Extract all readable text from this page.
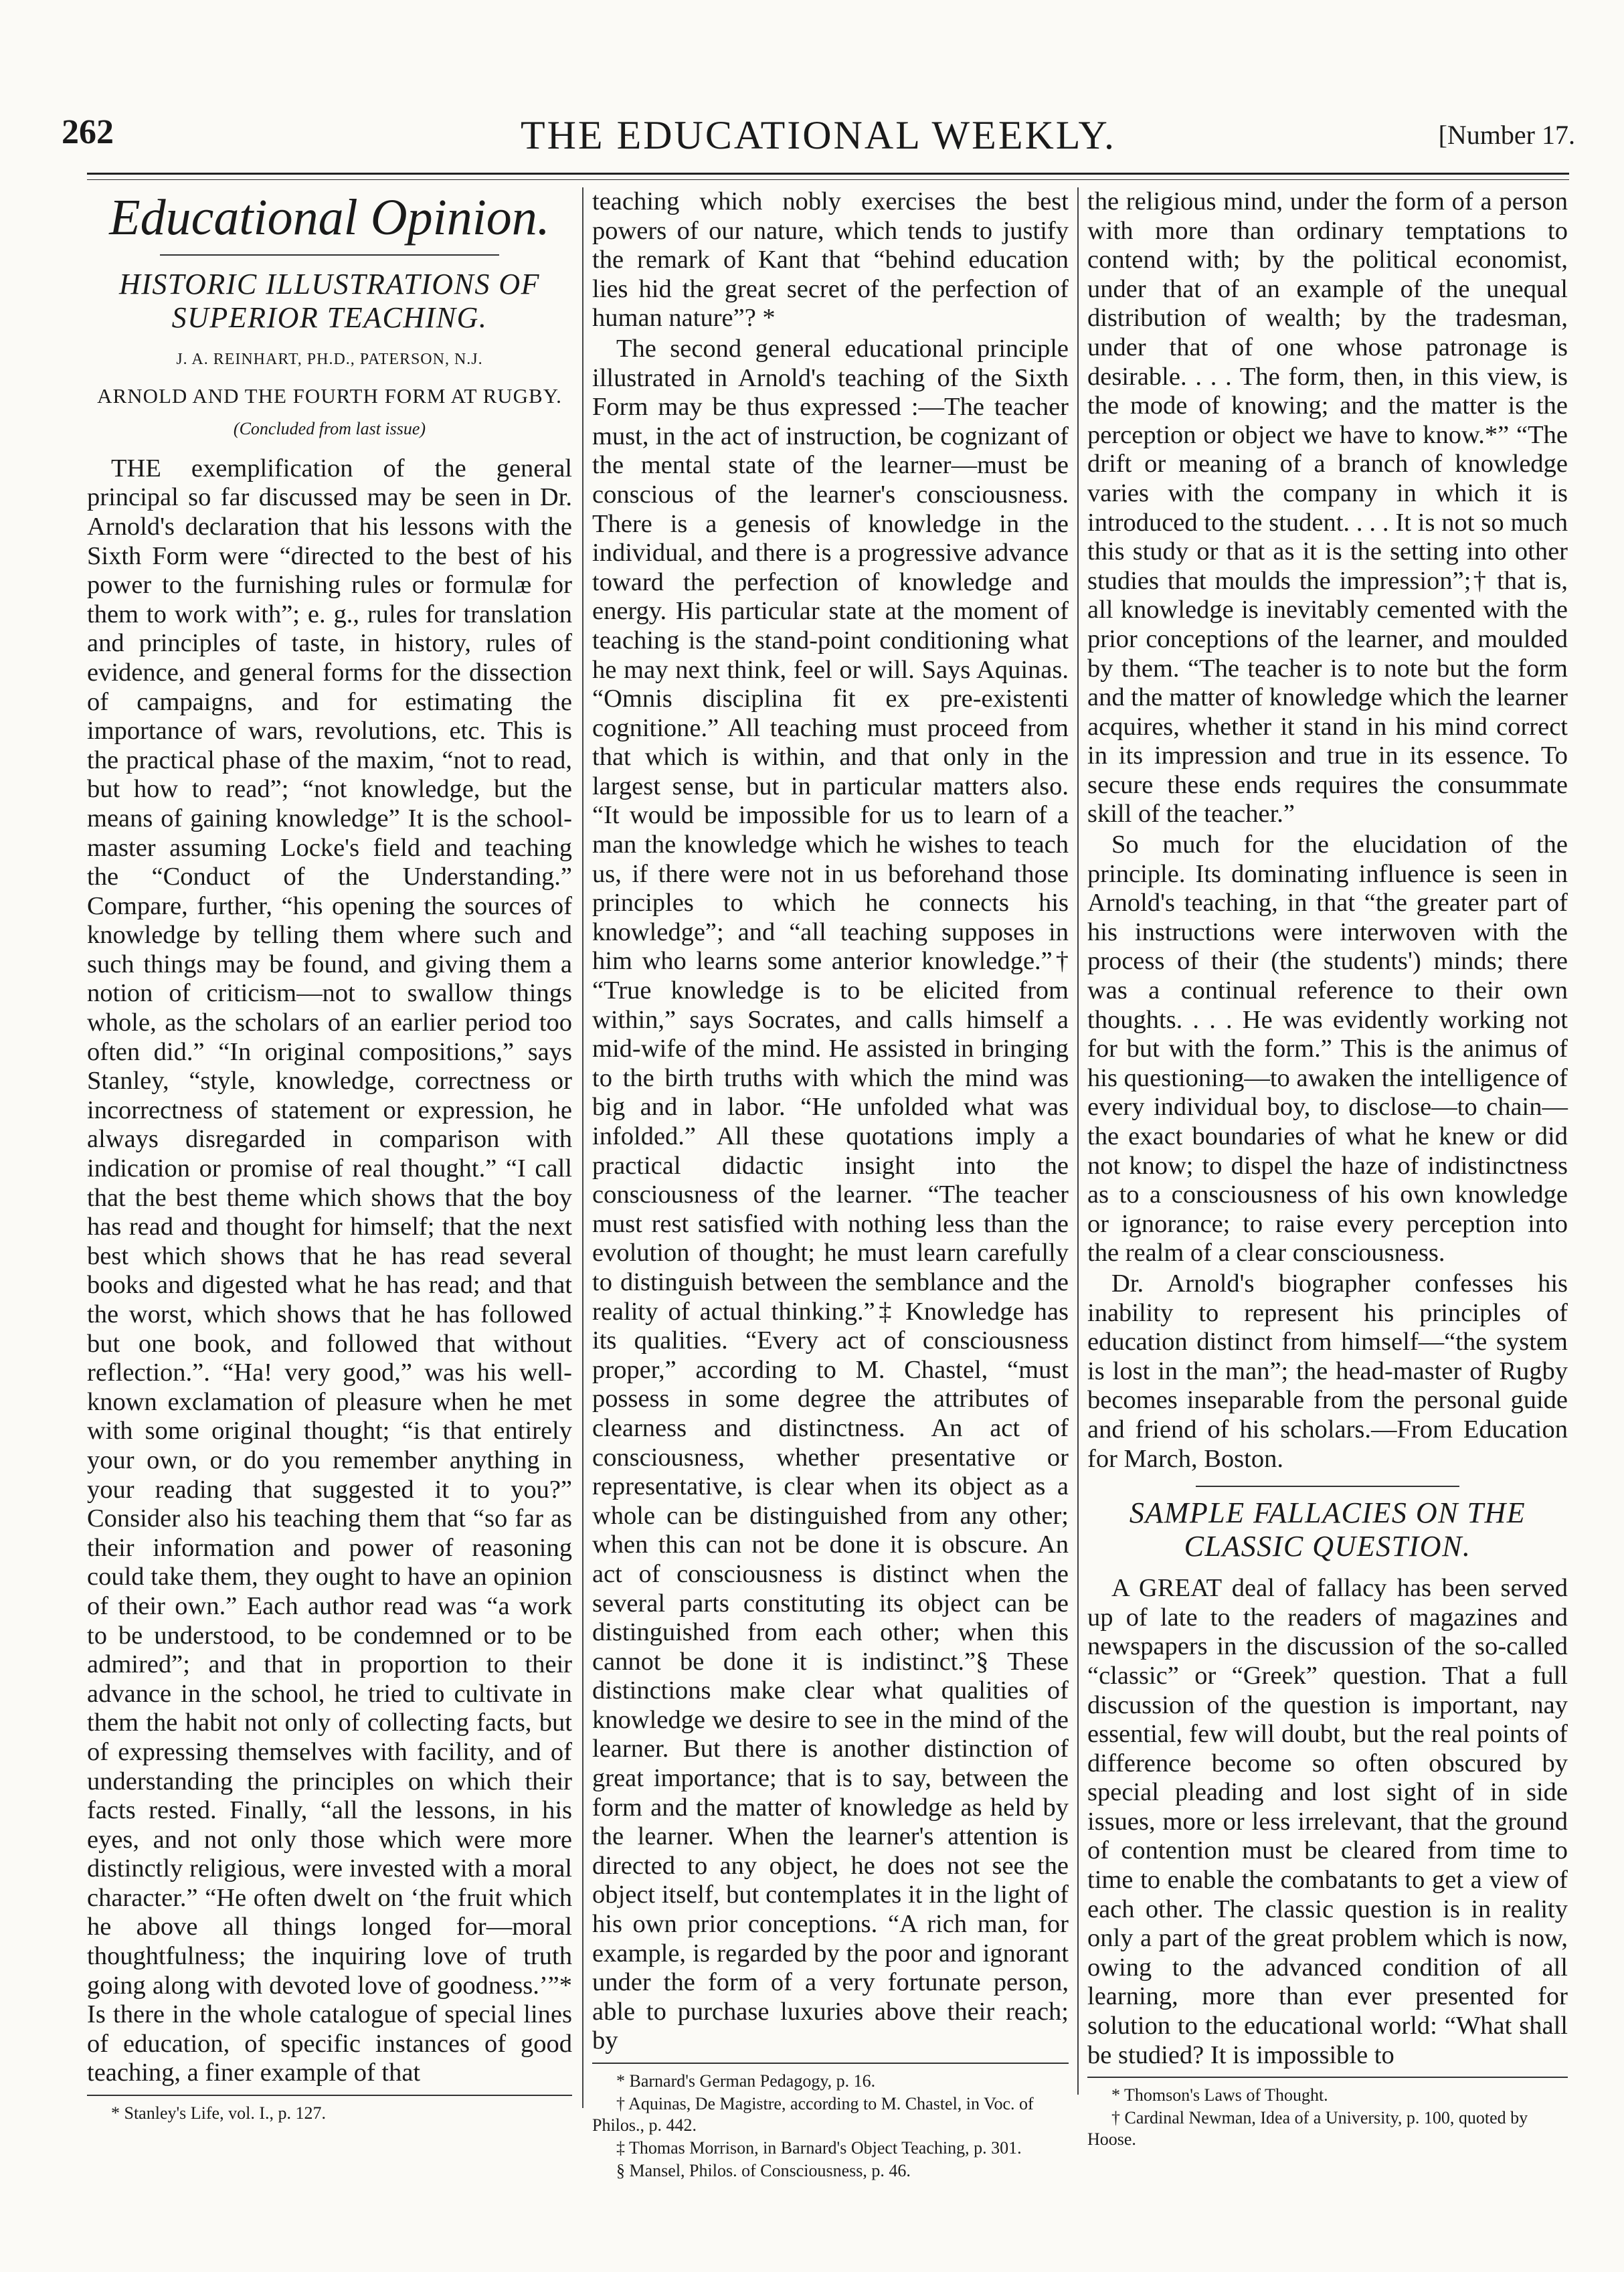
262	THE EDUCATIONAL WEEKLY.	[Number 17.
Educational Opinion.
HISTORIC ILLUSTRATIONS OF SUPERIOR TEACHING.
J. A. REINHART, PH.D., PATERSON, N.J.
ARNOLD AND THE FOURTH FORM AT RUGBY.
(Concluded from last issue)

THE exemplification of the general principal so far discussed may be seen in Dr. Arnold's declaration that his lessons with the Sixth Form were “directed to the best of his power to the furnishing rules or formulæ for them to work with”; e. g., rules for translation and principles of taste, in history, rules of evidence, and general forms for the dissection of campaigns, and for estimating the importance of wars, revolutions, etc. This is the practical phase of the maxim, “not to read, but how to read”; “not knowledge, but the means of gaining knowledge” It is the school-master assuming Locke's field and teaching the “Conduct of the Understanding.” Compare, further, “his opening the sources of knowledge by telling them where such and such things may be found, and giving them a notion of criticism—not to swallow things whole, as the scholars of an earlier period too often did.” “In original compositions,” says Stanley, “style, knowledge, correctness or incorrectness of statement or expression, he always disregarded in comparison with indication or promise of real thought.” “I call that the best theme which shows that the boy has read and thought for himself; that the next best which shows that he has read several books and digested what he has read; and that the worst, which shows that he has followed but one book, and followed that without reflection.”. “Ha! very good,” was his well-known exclamation of pleasure when he met with some original thought; “is that entirely your own, or do you remember anything in your reading that suggested it to you?” Consider also his teaching them that “so far as their information and power of reasoning could take them, they ought to have an opinion of their own.” Each author read was “a work to be understood, to be condemned or to be admired”; and that in proportion to their advance in the school, he tried to cultivate in them the habit not only of collecting facts, but of expressing themselves with facility, and of understanding the principles on which their facts rested. Finally, “all the lessons, in his eyes, and not only those which were more distinctly religious, were invested with a moral character.” “He often dwelt on ‘the fruit which he above all things longed for—moral thoughtfulness; the inquiring love of truth going along with devoted love of goodness.’”* Is there in the whole catalogue of special lines of education, of specific instances of good teaching, a finer example of that

* Stanley's Life, vol. I., p. 127.

teaching which nobly exercises the best powers of our nature, which tends to justify the remark of Kant that “behind education lies hid the great secret of the perfection of human nature”? *

The second general educational principle illustrated in Arnold's teaching of the Sixth Form may be thus expressed :—The teacher must, in the act of instruction, be cognizant of the mental state of the learner—must be conscious of the learner's consciousness. There is a genesis of knowledge in the individual, and there is a progressive advance toward the perfection of knowledge and energy. His particular state at the moment of teaching is the stand-point conditioning what he may next think, feel or will. Says Aquinas. “Omnis disciplina fit ex pre-existenti cognitione.” All teaching must proceed from that which is within, and that only in the largest sense, but in particular matters also. “It would be impossible for us to learn of a man the knowledge which he wishes to teach us, if there were not in us beforehand those principles to which he connects his knowledge”; and “all teaching supposes in him who learns some anterior knowledge.”† “True knowledge is to be elicited from within,” says Socrates, and calls himself a mid-wife of the mind. He assisted in bringing to the birth truths with which the mind was big and in labor. “He unfolded what was infolded.” All these quotations imply a practical didactic insight into the consciousness of the learner. “The teacher must rest satisfied with nothing less than the evolution of thought; he must learn carefully to distinguish between the semblance and the reality of actual thinking.”‡ Knowledge has its qualities. “Every act of consciousness proper,” according to M. Chastel, “must possess in some degree the attributes of clearness and distinctness. An act of consciousness, whether presentative or representative, is clear when its object as a whole can be distinguished from any other; when this can not be done it is obscure. An act of consciousness is distinct when the several parts constituting its object can be distinguished from each other; when this cannot be done it is indistinct.”§ These distinctions make clear what qualities of knowledge we desire to see in the mind of the learner. But there is another distinction of great importance; that is to say, between the form and the matter of knowledge as held by the learner. When the learner's attention is directed to any object, he does not see the object itself, but contemplates it in the light of his own prior conceptions. “A rich man, for example, is regarded by the poor and ignorant under the form of a very fortunate person, able to purchase luxuries above their reach; by

* Barnard's German Pedagogy, p. 16.

† Aquinas, De Magistre, according to M. Chastel, in Voc. of Philos., p. 442.

‡ Thomas Morrison, in Barnard's Object Teaching, p. 301.

§ Mansel, Philos. of Consciousness, p. 46.

the religious mind, under the form of a person with more than ordinary temptations to contend with; by the political economist, under that of an example of the unequal distribution of wealth; by the tradesman, under that of one whose patronage is desirable. . . . The form, then, in this view, is the mode of knowing; and the matter is the perception or object we have to know.*” “The drift or meaning of a branch of knowledge varies with the company in which it is introduced to the student. . . . It is not so much this study or that as it is the setting into other studies that moulds the impression”;† that is, all knowledge is inevitably cemented with the prior conceptions of the learner, and moulded by them. “The teacher is to note but the form and the matter of knowledge which the learner acquires, whether it stand in his mind correct in its impression and true in its essence. To secure these ends requires the consummate skill of the teacher.”

So much for the elucidation of the principle. Its dominating influence is seen in Arnold's teaching, in that “the greater part of his instructions were interwoven with the process of their (the students') minds; there was a continual reference to their own thoughts. . . . He was evidently working not for but with the form.” This is the animus of his questioning—to awaken the intelligence of every individual boy, to disclose—to chain—the exact boundaries of what he knew or did not know; to dispel the haze of indistinctness as to a consciousness of his own knowledge or ignorance; to raise every perception into the realm of a clear consciousness.

Dr. Arnold's biographer confesses his inability to represent his principles of education distinct from himself—“the system is lost in the man”; the head-master of Rugby becomes inseparable from the personal guide and friend of his scholars.—From Education for March, Boston.

SAMPLE FALLACIES ON THE CLASSIC QUESTION.

A GREAT deal of fallacy has been served up of late to the readers of magazines and newspapers in the discussion of the so-called “classic” or “Greek” question. That a full discussion of the question is important, nay essential, few will doubt, but the real points of difference become so often obscured by special pleading and lost sight of in side issues, more or less irrelevant, that the ground of contention must be cleared from time to time to enable the combatants to get a view of each other. The classic question is in reality only a part of the great problem which is now, owing to the advanced condition of all learning, more than ever presented for solution to the educational world: “What shall be studied? It is impossible to

* Thomson's Laws of Thought.

† Cardinal Newman, Idea of a University, p. 100, quoted by Hoose.
